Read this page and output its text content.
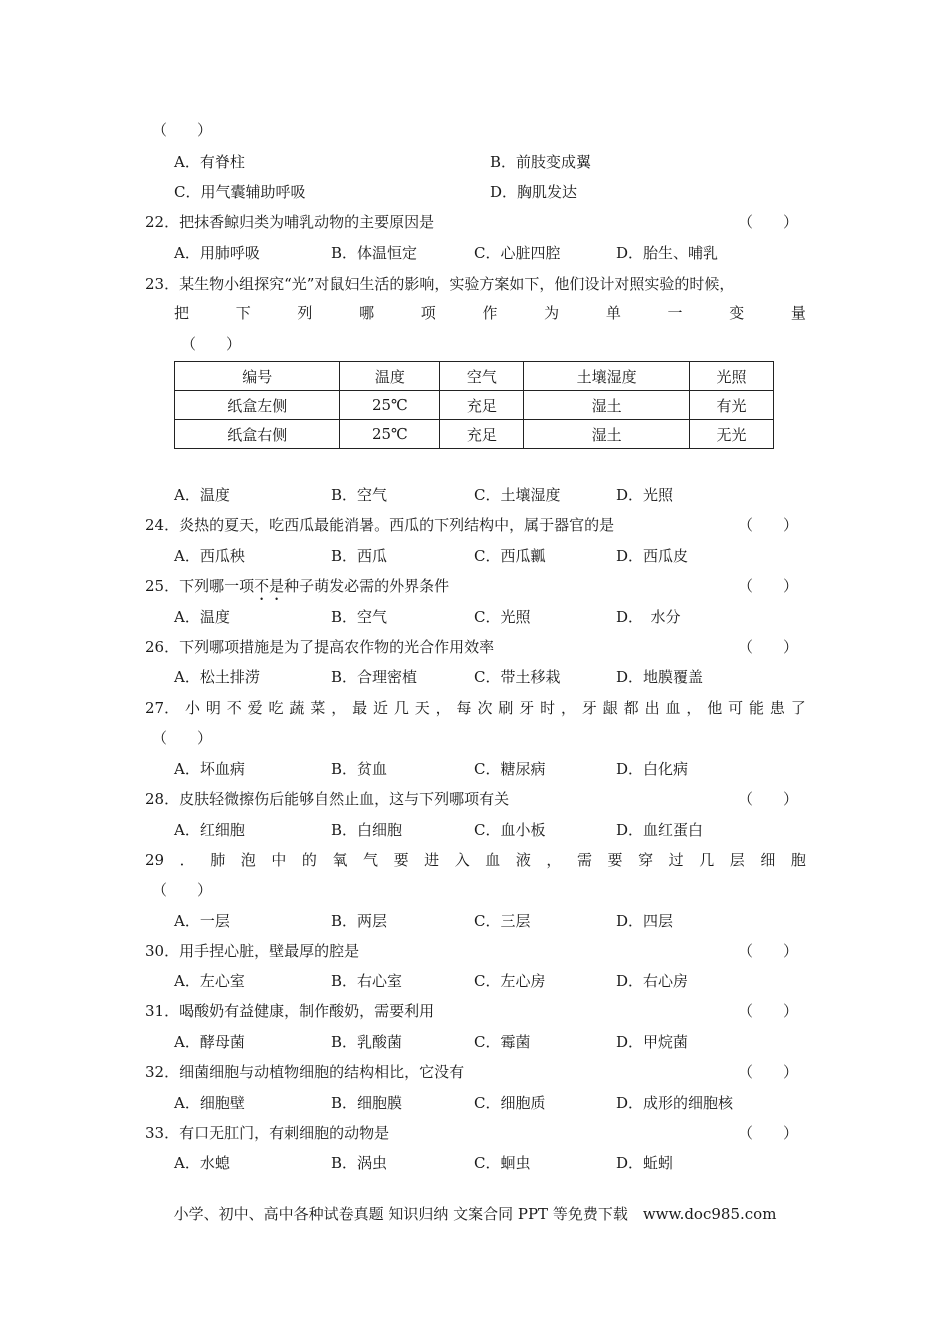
（　　）
A．有脊柱	B．前肢变成翼
C．用气囊辅助呼吸	D．胸肌发达
22．把抹香鲸归类为哺乳动物的主要原因是	（　　）
A．用肺呼吸	B．体温恒定	C．心脏四腔	D．胎生、哺乳
23．某生物小组探究“光”对鼠妇生活的影响，实验方案如下，他们设计对照实验的时候，
把	下	列	哪	项	作	为	单	一	变	量
（　　）
编号	温度	空气	土壤湿度	光照
纸盒左侧	25℃	充足	湿土	有光
纸盒右侧	25℃	充足	湿土	无光
A．温度	B．空气	C．土壤湿度	D．光照
24．炎热的夏天，吃西瓜最能消暑。西瓜的下列结构中，属于器官的是	（　　）
A．西瓜秧	B．西瓜	C．西瓜瓤	D．西瓜皮
25．下列哪一项不是种子萌发必需的外界条件	（　　）
A．温度	B．空气	C．光照	D．　水分
26．下列哪项措施是为了提高农作物的光合作用效率	（　　）
A．松土排涝	B．合理密植	C．带土移栽	D．地膜覆盖
27． 小 明 不 爱 吃 蔬 菜 ， 最 近 几 天 ， 每 次 刷 牙 时 ， 牙 龈 都 出 血 ， 他 可 能 患 了
（　　）
A．坏血病	B．贫血	C．糖尿病	D．白化病
28．皮肤轻微擦伤后能够自然止血，这与下列哪项有关	（　　）
A．红细胞	B．白细胞	C．血小板	D．血红蛋白
29 ． 肺 泡 中 的 氧 气 要 进 入 血 液 ， 需 要 穿 过 几 层 细 胞
（　　）
A．一层	B．两层	C．三层	D．四层
30．用手捏心脏，壁最厚的腔是	（　　）
A．左心室	B．右心室	C．左心房	D．右心房
31．喝酸奶有益健康，制作酸奶，需要利用	（　　）
A．酵母菌	B．乳酸菌	C．霉菌	D．甲烷菌
32．细菌细胞与动植物细胞的结构相比，它没有	（　　）
A．细胞壁	B．细胞膜	C．细胞质	D．成形的细胞核
33．有口无肛门，有刺细胞的动物是	（　　）
A．水螅	B．涡虫	C．蛔虫	D．蚯蚓
小学、初中、高中各种试卷真题 知识归纳 文案合同 PPT 等免费下载　www.doc985.com
